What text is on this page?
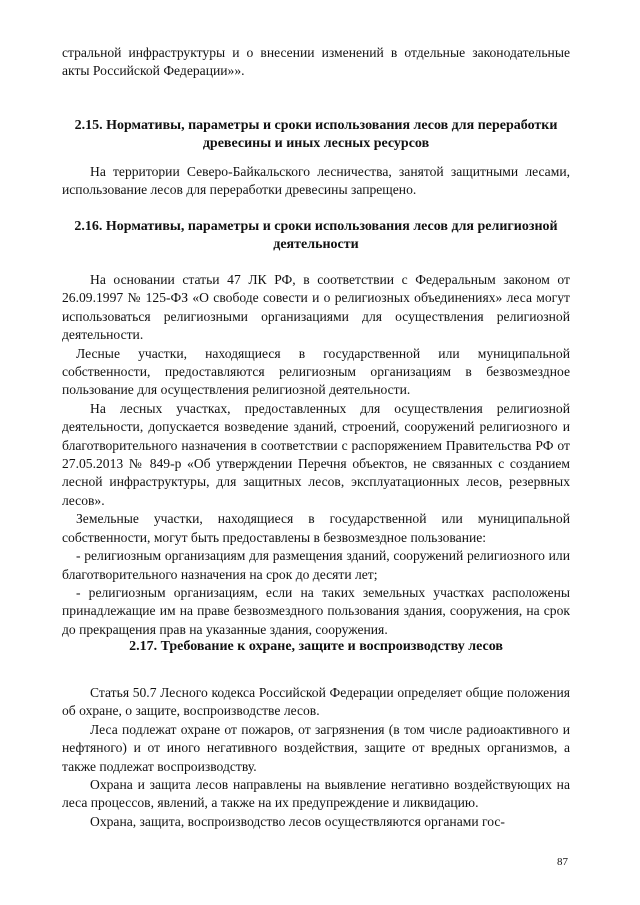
стральной инфраструктуры и о внесении изменений в отдельные законодательные акты Российской Федерации»».

2.15. Нормативы, параметры и сроки использования лесов для переработки древесины и иных лесных ресурсов

На территории Северо-Байкальского лесничества, занятой защитными лесами, использование лесов для переработки древесины запрещено.

2.16. Нормативы, параметры и сроки использования лесов для религиозной деятельности

На основании статьи 47 ЛК РФ, в соответствии с Федеральным законом от 26.09.1997 № 125-ФЗ «О свободе совести и о религиозных объединениях» леса могут использоваться религиозными организациями для осуществления религиозной деятельности.

Лесные участки, находящиеся в государственной или муниципальной собственности, предоставляются религиозным организациям в безвозмездное пользование для осуществления религиозной деятельности.

На лесных участках, предоставленных для осуществления религиозной деятельности, допускается возведение зданий, строений, сооружений религиозного и благотворительного назначения в соответствии с распоряжением Правительства РФ от 27.05.2013 № 849-р «Об утверждении Перечня объектов, не связанных с созданием лесной инфраструктуры, для защитных лесов, эксплуатационных лесов, резервных лесов».

Земельные участки, находящиеся в государственной или муниципальной собственности, могут быть предоставлены в безвозмездное пользование:

- религиозным организациям для размещения зданий, сооружений религиозного или благотворительного назначения на срок до десяти лет;

- религиозным организациям, если на таких земельных участках расположены принадлежащие им на праве безвозмездного пользования здания, сооружения, на срок до прекращения прав на указанные здания, сооружения.

2.17. Требование к охране, защите и воспроизводству лесов

Статья 50.7 Лесного кодекса Российской Федерации определяет общие положения об охране, о защите, воспроизводстве лесов.

Леса подлежат охране от пожаров, от загрязнения (в том числе радиоактивного и нефтяного) и от иного негативного воздействия, защите от вредных организмов, а также подлежат воспроизводству.

Охрана и защита лесов направлены на выявление негативно воздействующих на леса процессов, явлений, а также на их предупреждение и ликвидацию.

Охрана, защита, воспроизводство лесов осуществляются органами гос-

87
